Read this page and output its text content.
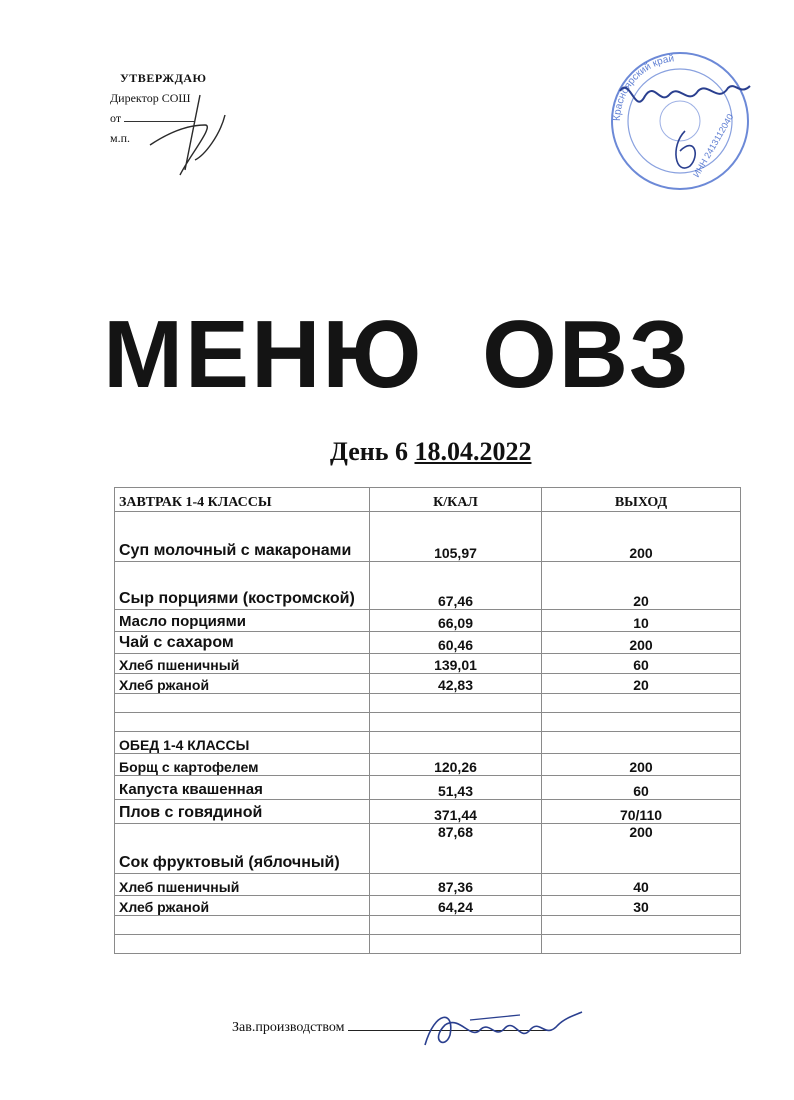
УТВЕРЖДАЮ
Директор СОШ
от
м.п.
Красноярский край
ИНН 2413112040
МЕНЮ ОВЗ
День 6 18.04.2022
ЗАВТРАК 1-4 КЛАССЫ	К/КАЛ	ВЫХОД
Суп молочный с макаронами	105,97	200
Сыр порциями (костромской)	67,46	20
Масло порциями	66,09	10
Чай с сахаром	60,46	200
Хлеб пшеничный	139,01	60
Хлеб ржаной	42,83	20

ОБЕД 1-4 КЛАССЫ		
Борщ с картофелем	120,26	200
Капуста квашенная	51,43	60
Плов с говядиной	371,44	70/110
Сок фруктовый (яблочный)	87,68	200
Хлеб пшеничный	87,36	40
Хлеб ржаной	64,24	30

Зав.производством
